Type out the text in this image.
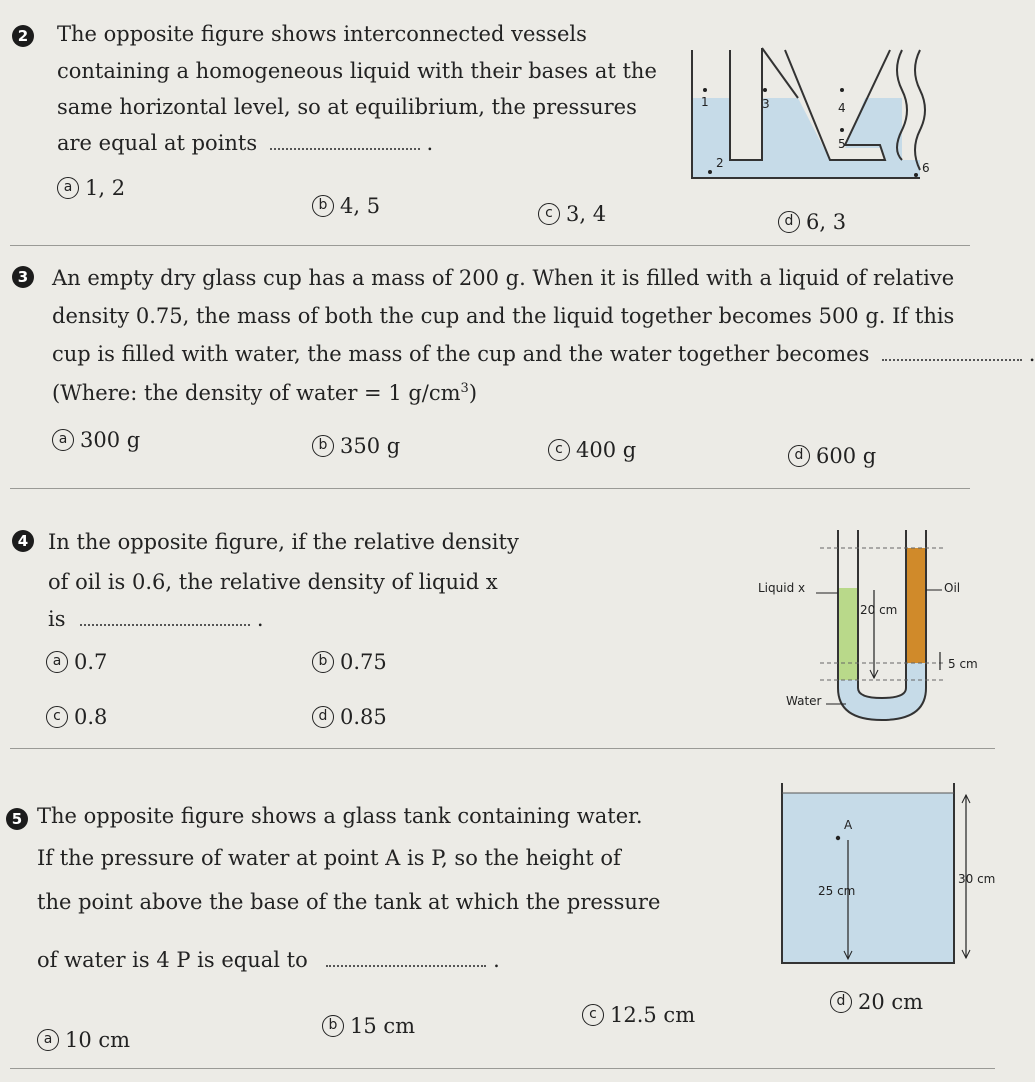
2 The opposite figure shows interconnected vessels
containing a homogeneous liquid with their bases at the
same horizontal level, so at equilibrium, the pressures
are equal at points	.
1
2
3	4
5
6
a 1, 2
b 4, 5	c 3, 4	d 6, 3
3 An empty dry glass cup has a mass of 200 g. When it is filled with a liquid of relative
density 0.75, the mass of both the cup and the liquid together becomes 500 g. If this
cup is filled with water, the mass of the cup and the water together becomes	.
(Where: the density of water = 1 $g/cm^3$)
a 300 g	b 350 g	c 400 g	d 600 g
4 In the opposite figure, if the relative density
of oil is 0.6, the relative density of liquid x
is	.
a 0.7	b 0.75
c 0.8	d 0.85
20 cm
5 cm
Liquid x	Oil
Water
5 The opposite figure shows a glass tank containing water.
If the pressure of water at point A is P, so the height of
the point above the base of the tank at which the pressure
of water is 4 P is equal to	.
A
25 cm
30 cm
a 10 cm
b 15 cm	c 12.5 cm
d 20 cm
